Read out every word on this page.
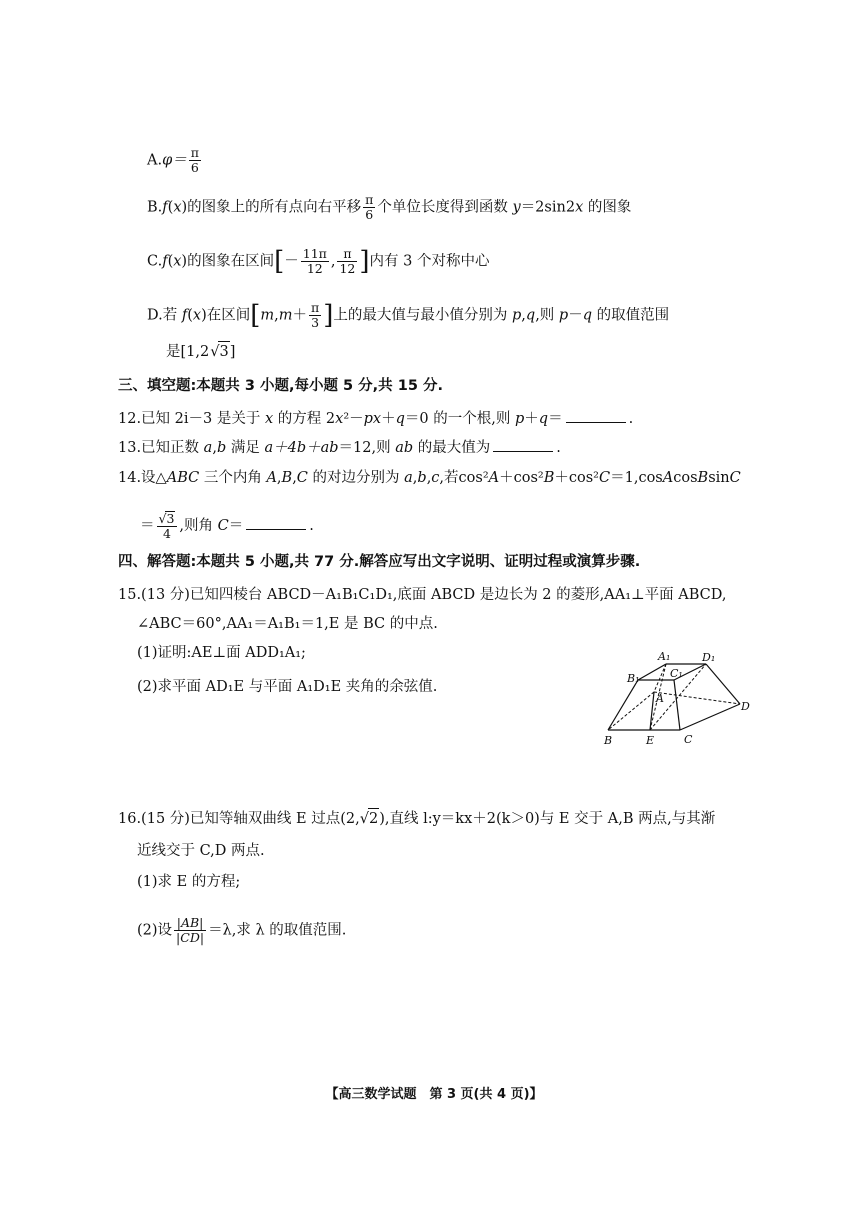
$A.\varphi= \frac{\pi}{6}$
B.f(x)的图象上的所有点向右平移 $\frac{\pi}{6}$ 个单位长度得到函数 y＝2sin2x 的图象
C.f(x)的图象在区间[－ $\frac{11\pi}{12}$ , $\frac{\pi}{12}$ ]内有 3 个对称中心
D.若 f(x)在区间[$m,m+ \frac{\pi}{3}$ ]上的最大值与最小值分别为 p,q,则 p－q 的取值范围
是[1,2√3]
三、填空题:本题共 3 小题,每小题 5 分,共 15 分.
12.已知 2i－3 是关于 x 的方程 2x²－px＋q＝0 的一个根,则 p＋q＝	.
13.已知正数 a,b 满足 a＋4b＋ab＝12,则 ab 的最大值为	.
14.设△ABC 三个内角 A,B,C 的对边分别为 a,b,c,若cos²A＋cos²B＋cos²C＝1,cosAcosBsinC
＝ $\frac{√3}{4}$ ,则角 C＝	.
四、解答题:本题共 5 小题,共 77 分.解答应写出文字说明、证明过程或演算步骤.
15.(13 分)已知四棱台 ABCD－A₁B₁C₁D₁,底面 ABCD 是边长为 2 的菱形,AA₁⊥平面 ABCD,
∠ABC＝60°,AA₁＝A₁B₁＝1,E 是 BC 的中点.
(1)证明:AE⊥面 ADD₁A₁;
(2)求平面 AD₁E 与平面 A₁D₁E 夹角的余弦值.
A₁	D₁
B₁	C₁
A
B	E	C
D
16.(15 分)已知等轴双曲线 E 过点(2,√2),直线 l:y＝kx＋2(k＞0)与 E 交于 A,B 两点,与其渐
近线交于 C,D 两点.
(1)求 E 的方程;
(2)设 $\frac{|AB|}{|CD|} =\lambda$,求 λ 的取值范围.
【高三数学试题　第 3 页(共 4 页)】
